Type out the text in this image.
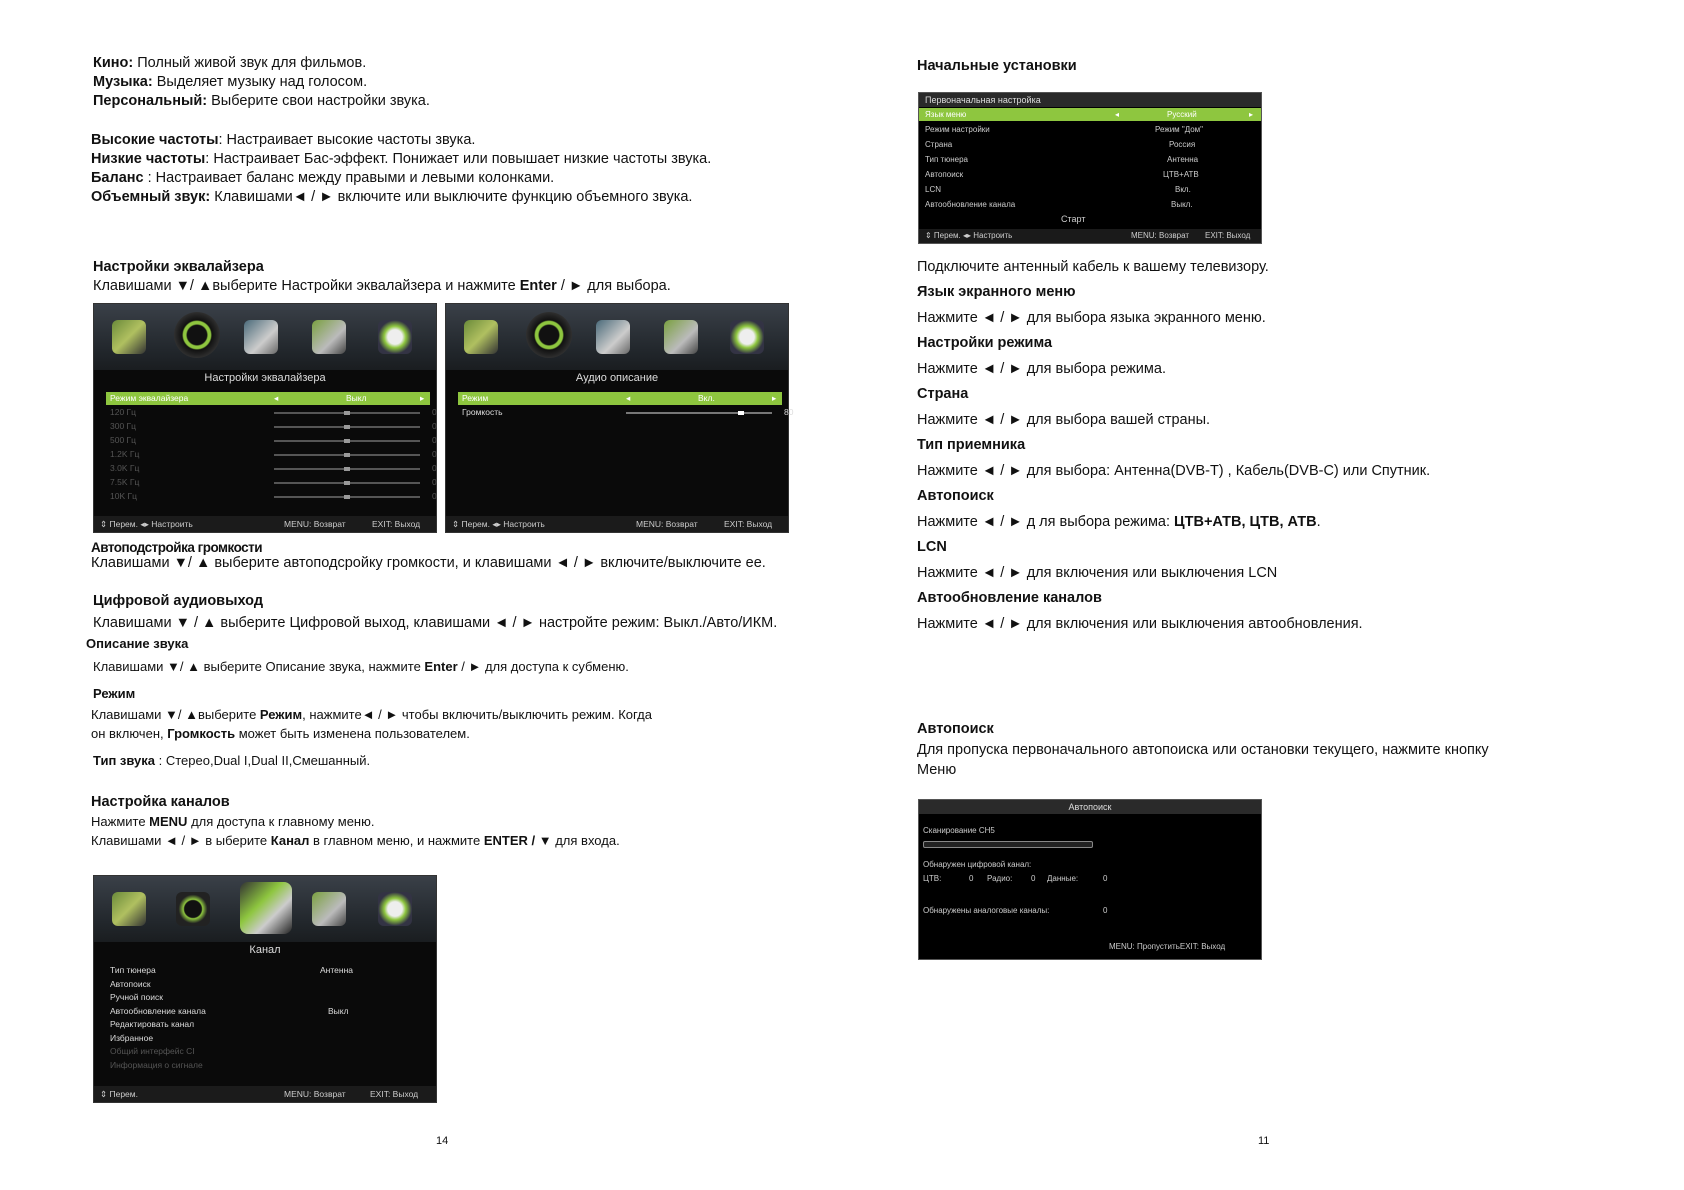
Кино: Полный живой звук для фильмов.
Музыка: Выделяет музыку над голосом.
Персональный: Выберите свои настройки звука.
Высокие частоты: Настраивает высокие частоты звука.
Низкие частоты: Настраивает Бас-эффект. Понижает или повышает низкие частоты звука.
Баланс : Настраивает баланс между правыми и левыми колонками.
Объемный звук: Клавишами◄ / ► включите или выключите функцию объемного звука.
Настройки эквалайзера
Клавишами ▼/ ▲выберите Настройки эквалайзера и нажмите Enter / ► для выбора.
Настройки эквалайзера
Режим эквалайзера	◂	Выкл	▸
120 Гц	0
300 Гц	0
500 Гц	0
1.2K Гц	0
3.0K Гц	0
7.5K Гц	0
10K Гц	0
⇕ Перем. ◂▸ Настроить	MENU: Возврат	EXIT: Выход
Аудио описание
Режим	◂	Вкл.	▸
Громкость	80
⇕ Перем. ◂▸ Настроить	MENU: Возврат	EXIT: Выход
Автоподстройка громкости
Клавишами ▼/ ▲ выберите автоподсройку громкости, и клавишами ◄ / ► включите/выключите ее.
Цифровой аудиовыход
Клавишами ▼ / ▲ выберите Цифровой выход, клавишами ◄ / ► настройте режим: Выкл./Авто/ИКМ.
Описание звука
Клавишами ▼/ ▲ выберите Описание звука, нажмите Enter / ► для доступа к субменю.
Режим
Клавишами ▼/ ▲выберите Режим, нажмите◄ / ► чтобы включить/выключить режим. Когда
он включен, Громкость может быть изменена пользователем.
Тип звука : Стерео,Dual I,Dual II,Смешанный.
Настройка каналов
Нажмите MENU для доступа к главному меню.
Клавишами ◄ / ► в ыберите Канал в главном меню, и нажмите ENTER / ▼ для входа.
Канал
Тип тюнера	Антенна
Автопоиск
Ручной поиск
Автообновление канала	Выкл
Редактировать канал
Избранное
Общий интерфейс CI
Информация о сигнале
⇕ Перем.	MENU: Возврат	EXIT: Выход
14
Начальные установки
Первоначальная настройка
Язык меню	◂	Русский	▸
Режим настройки	Режим "Дом"
Страна	Россия
Тип тюнера	Антенна
Автопоиск	ЦТВ+АТВ
LCN	Вкл.
Автообновление канала	Выкл.
Старт
⇕ Перем. ◂▸ Настроить	MENU: Возврат EXIT: Выход
Подключите антенный кабель к вашему телевизору.
Язык экранного меню
Нажмите ◄ / ► для выбора языка экранного меню.
Настройки режима
Нажмите ◄ / ► для выбора режима.
Страна
Нажмите ◄ / ► для выбора вашей страны.
Тип приемника
Нажмите ◄ / ► для выбора: Антенна(DVB-T) , Кабель(DVB-C) или Спутник.
Автопоиск
Нажмите ◄ / ► д ля выбора режима: ЦТВ+АТВ, ЦТВ, АТВ.
LCN
Нажмите ◄ / ► для включения или выключения LCN
Автообновление каналов
Нажмите ◄ / ► для включения или выключения автообновления.
Автопоиск
Для пропуска первоначального автопоиска или остановки текущего, нажмите кнопку
Меню
Автопоиск
Сканирование CH5
Обнаружен цифровой канал:
ЦТВ:	0 Радио: 0 Данные:	0
Обнаружены аналоговые каналы:	0
MENU: ПропуститьEXIT: Выход
11
